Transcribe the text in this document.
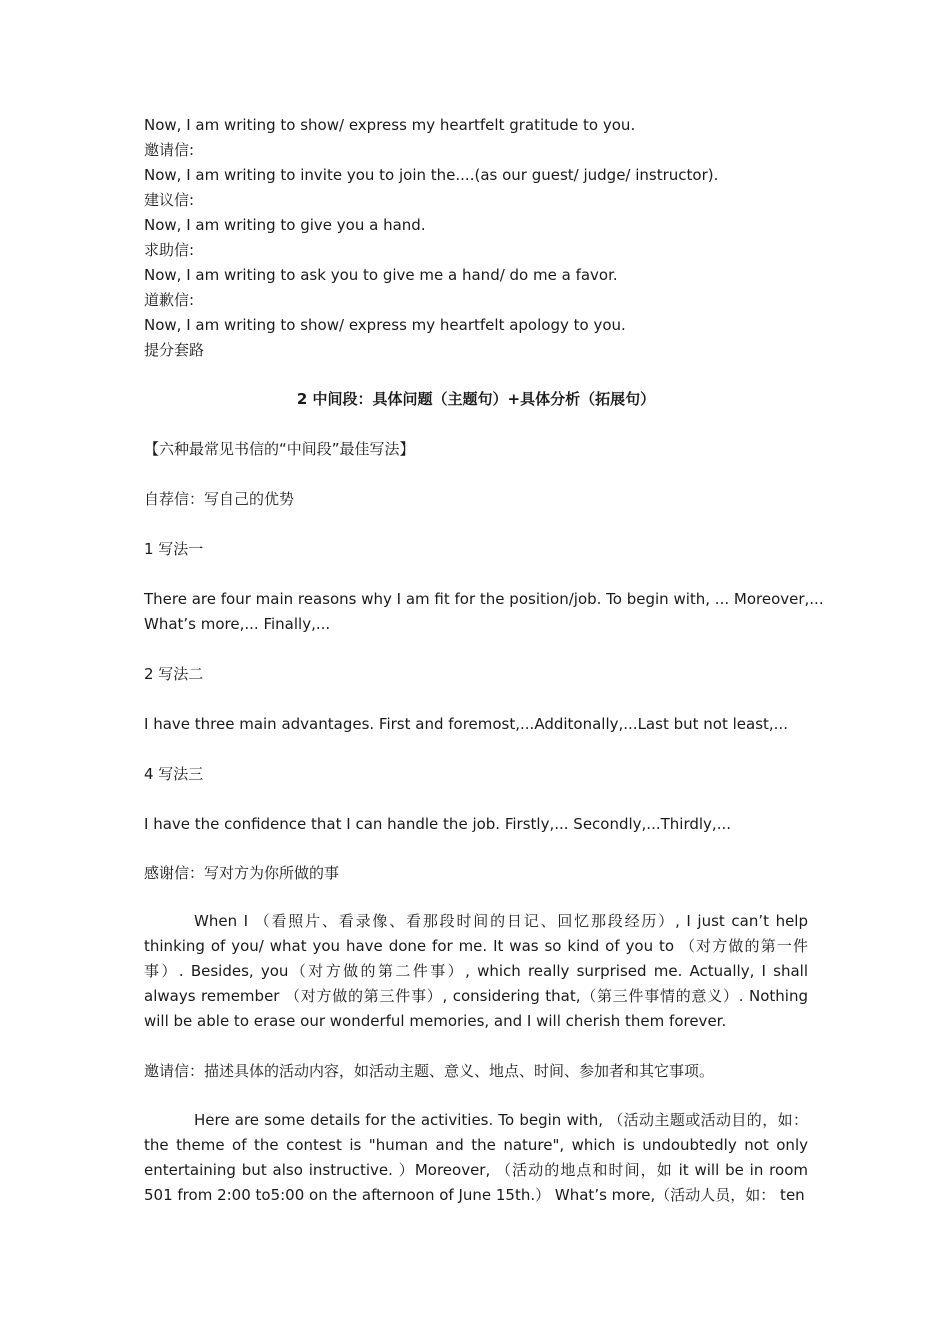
Now, I am writing to show/ express my heartfelt gratitude to you.
邀请信:
Now, I am writing to invite you to join the....(as our guest/ judge/ instructor).
建议信:
Now, I am writing to give you a hand.
求助信:
Now, I am writing to ask you to give me a hand/ do me a favor.
道歉信:
Now, I am writing to show/ express my heartfelt apology to you.
提分套路
2 中间段：具体问题（主题句）+具体分析（拓展句）
【六种最常见书信的“中间段”最佳写法】
自荐信：写自己的优势
1 写法一
There are four main reasons why I am fit for the position/job. To begin with, ... Moreover,...
What’s more,... Finally,...
2 写法二
I have three main advantages. First and foremost,...Additonally,...Last but not least,...
4 写法三
I have the confidence that I can handle the job. Firstly,... Secondly,...Thirdly,...
感谢信：写对方为你所做的事
When I （看照片、看录像、看那段时间的日记、回忆那段经历）, I just can’t help thinking of you/ what you have done for me. It was so kind of you to （对方做的第一件事）. Besides, you（对方做的第二件事）, which really surprised me. Actually, I shall always remember （对方做的第三件事）, considering that,（第三件事情的意义）. Nothing will be able to erase our wonderful memories, and I will cherish them forever.
邀请信：描述具体的活动内容，如活动主题、意义、地点、时间、参加者和其它事项。
Here are some details for the activities. To begin with, （活动主题或活动目的，如：the theme of the contest is "human and the nature", which is undoubtedly not only entertaining but also instructive. ）Moreover, （活动的地点和时间，如 it will be in room 501 from 2:00 to5:00 on the afternoon of June 15th.） What’s more,（活动人员，如： ten
